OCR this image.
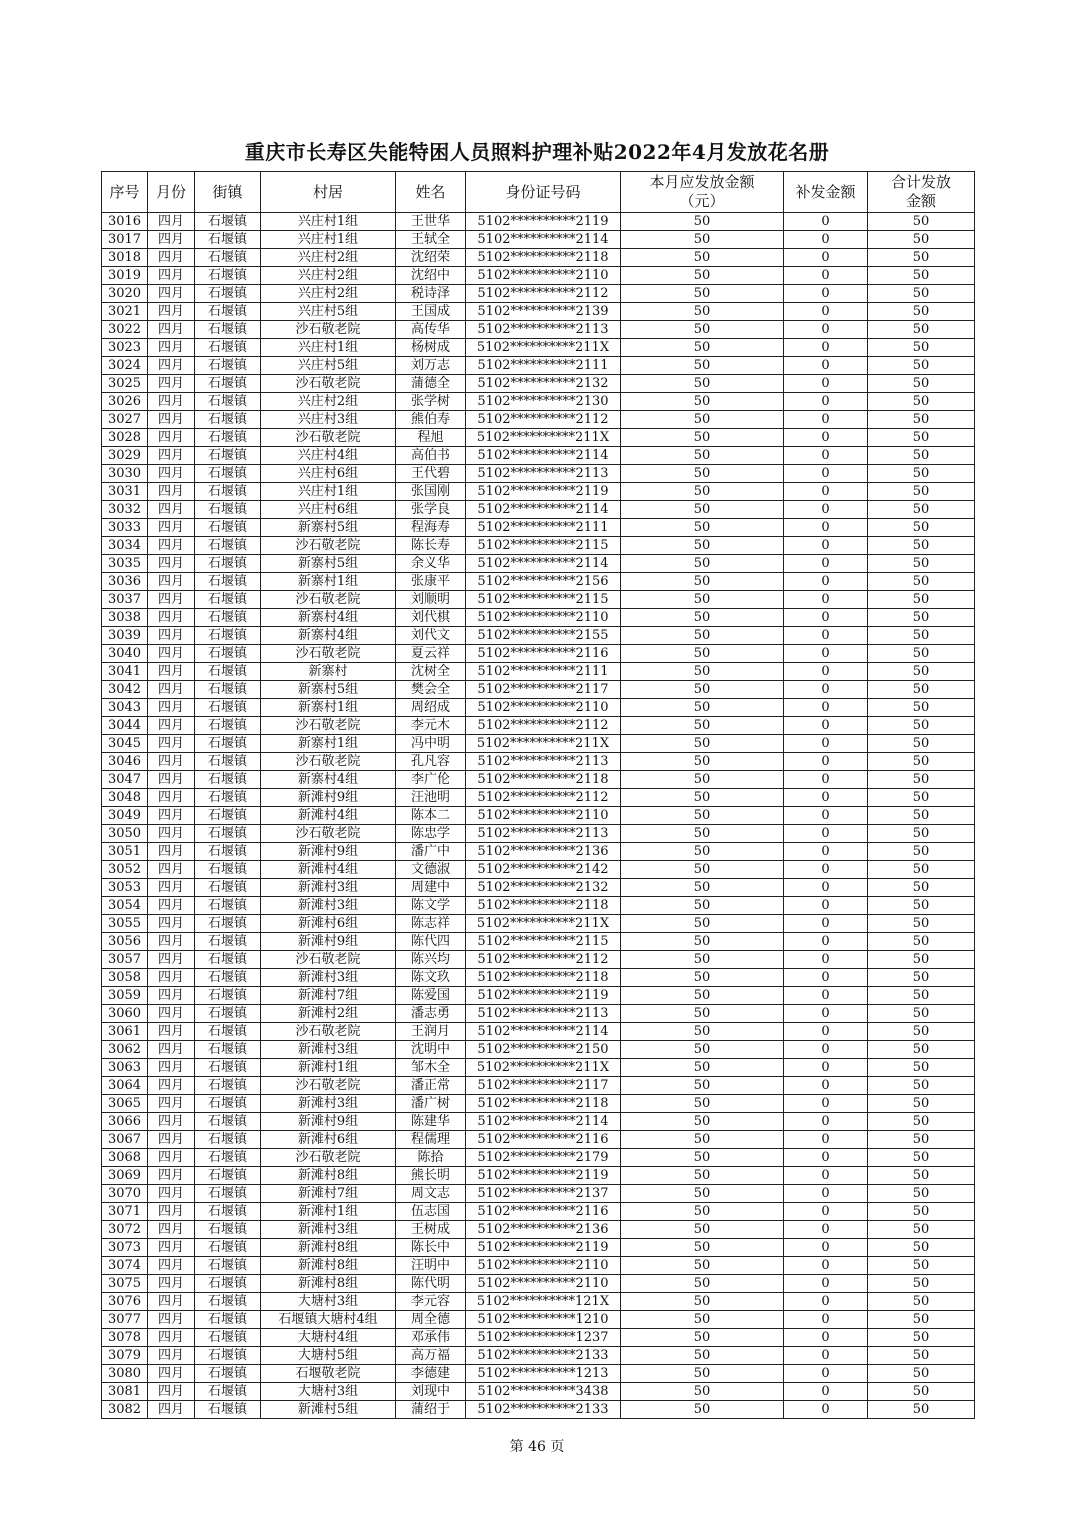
重庆市长寿区失能特困人员照料护理补贴2022年4月发放花名册
序号	月份	街镇	村居	姓名	身份证号码	本月应发放金额（元）	补发金额	合计发放金额
3016	四月	石堰镇	兴庄村1组	王世华	5102**********2119	50	0	50
3017	四月	石堰镇	兴庄村1组	王轼全	5102**********2114	50	0	50
3018	四月	石堰镇	兴庄村2组	沈绍荣	5102**********2118	50	0	50
3019	四月	石堰镇	兴庄村2组	沈绍中	5102**********2110	50	0	50
3020	四月	石堰镇	兴庄村2组	税诗泽	5102**********2112	50	0	50
3021	四月	石堰镇	兴庄村5组	王国成	5102**********2139	50	0	50
3022	四月	石堰镇	沙石敬老院	高传华	5102**********2113	50	0	50
3023	四月	石堰镇	兴庄村1组	杨树成	5102**********211X	50	0	50
3024	四月	石堰镇	兴庄村5组	刘万志	5102**********2111	50	0	50
3025	四月	石堰镇	沙石敬老院	蒲德全	5102**********2132	50	0	50
3026	四月	石堰镇	兴庄村2组	张学树	5102**********2130	50	0	50
3027	四月	石堰镇	兴庄村3组	熊伯寿	5102**********2112	50	0	50
3028	四月	石堰镇	沙石敬老院	程旭	5102**********211X	50	0	50
3029	四月	石堰镇	兴庄村4组	高伯书	5102**********2114	50	0	50
3030	四月	石堰镇	兴庄村6组	王代碧	5102**********2113	50	0	50
3031	四月	石堰镇	兴庄村1组	张国刚	5102**********2119	50	0	50
3032	四月	石堰镇	兴庄村6组	张学良	5102**********2114	50	0	50
3033	四月	石堰镇	新寨村5组	程海寿	5102**********2111	50	0	50
3034	四月	石堰镇	沙石敬老院	陈长寿	5102**********2115	50	0	50
3035	四月	石堰镇	新寨村5组	余义华	5102**********2114	50	0	50
3036	四月	石堰镇	新寨村1组	张康平	5102**********2156	50	0	50
3037	四月	石堰镇	沙石敬老院	刘顺明	5102**********2115	50	0	50
3038	四月	石堰镇	新寨村4组	刘代棋	5102**********2110	50	0	50
3039	四月	石堰镇	新寨村4组	刘代文	5102**********2155	50	0	50
3040	四月	石堰镇	沙石敬老院	夏云祥	5102**********2116	50	0	50
3041	四月	石堰镇	新寨村	沈树全	5102**********2111	50	0	50
3042	四月	石堰镇	新寨村5组	樊会全	5102**********2117	50	0	50
3043	四月	石堰镇	新寨村1组	周绍成	5102**********2110	50	0	50
3044	四月	石堰镇	沙石敬老院	李元木	5102**********2112	50	0	50
3045	四月	石堰镇	新寨村1组	冯中明	5102**********211X	50	0	50
3046	四月	石堰镇	沙石敬老院	孔凡容	5102**********2113	50	0	50
3047	四月	石堰镇	新寨村4组	李广伦	5102**********2118	50	0	50
3048	四月	石堰镇	新滩村9组	汪池明	5102**********2112	50	0	50
3049	四月	石堰镇	新滩村4组	陈本二	5102**********2110	50	0	50
3050	四月	石堰镇	沙石敬老院	陈忠学	5102**********2113	50	0	50
3051	四月	石堰镇	新滩村9组	潘广中	5102**********2136	50	0	50
3052	四月	石堰镇	新滩村4组	文德淑	5102**********2142	50	0	50
3053	四月	石堰镇	新滩村3组	周建中	5102**********2132	50	0	50
3054	四月	石堰镇	新滩村3组	陈文学	5102**********2118	50	0	50
3055	四月	石堰镇	新滩村6组	陈志祥	5102**********211X	50	0	50
3056	四月	石堰镇	新滩村9组	陈代四	5102**********2115	50	0	50
3057	四月	石堰镇	沙石敬老院	陈兴均	5102**********2112	50	0	50
3058	四月	石堰镇	新滩村3组	陈文玖	5102**********2118	50	0	50
3059	四月	石堰镇	新滩村7组	陈爱国	5102**********2119	50	0	50
3060	四月	石堰镇	新滩村2组	潘志勇	5102**********2113	50	0	50
3061	四月	石堰镇	沙石敬老院	王润月	5102**********2114	50	0	50
3062	四月	石堰镇	新滩村3组	沈明中	5102**********2150	50	0	50
3063	四月	石堰镇	新滩村1组	邹木全	5102**********211X	50	0	50
3064	四月	石堰镇	沙石敬老院	潘正常	5102**********2117	50	0	50
3065	四月	石堰镇	新滩村3组	潘广树	5102**********2118	50	0	50
3066	四月	石堰镇	新滩村9组	陈建华	5102**********2114	50	0	50
3067	四月	石堰镇	新滩村6组	程儒理	5102**********2116	50	0	50
3068	四月	石堰镇	沙石敬老院	陈拾	5102**********2179	50	0	50
3069	四月	石堰镇	新滩村8组	熊长明	5102**********2119	50	0	50
3070	四月	石堰镇	新滩村7组	周文志	5102**********2137	50	0	50
3071	四月	石堰镇	新滩村1组	伍志国	5102**********2116	50	0	50
3072	四月	石堰镇	新滩村3组	王树成	5102**********2136	50	0	50
3073	四月	石堰镇	新滩村8组	陈长中	5102**********2119	50	0	50
3074	四月	石堰镇	新滩村8组	汪明中	5102**********2110	50	0	50
3075	四月	石堰镇	新滩村8组	陈代明	5102**********2110	50	0	50
3076	四月	石堰镇	大塘村3组	李元容	5102**********121X	50	0	50
3077	四月	石堰镇	石堰镇大塘村4组	周全德	5102**********1210	50	0	50
3078	四月	石堰镇	大塘村4组	邓承伟	5102**********1237	50	0	50
3079	四月	石堰镇	大塘村5组	高万福	5102**********2133	50	0	50
3080	四月	石堰镇	石堰敬老院	李德建	5102**********1213	50	0	50
3081	四月	石堰镇	大塘村3组	刘现中	5102**********3438	50	0	50
3082	四月	石堰镇	新滩村5组	蒲绍于	5102**********2133	50	0	50
第 46 页
